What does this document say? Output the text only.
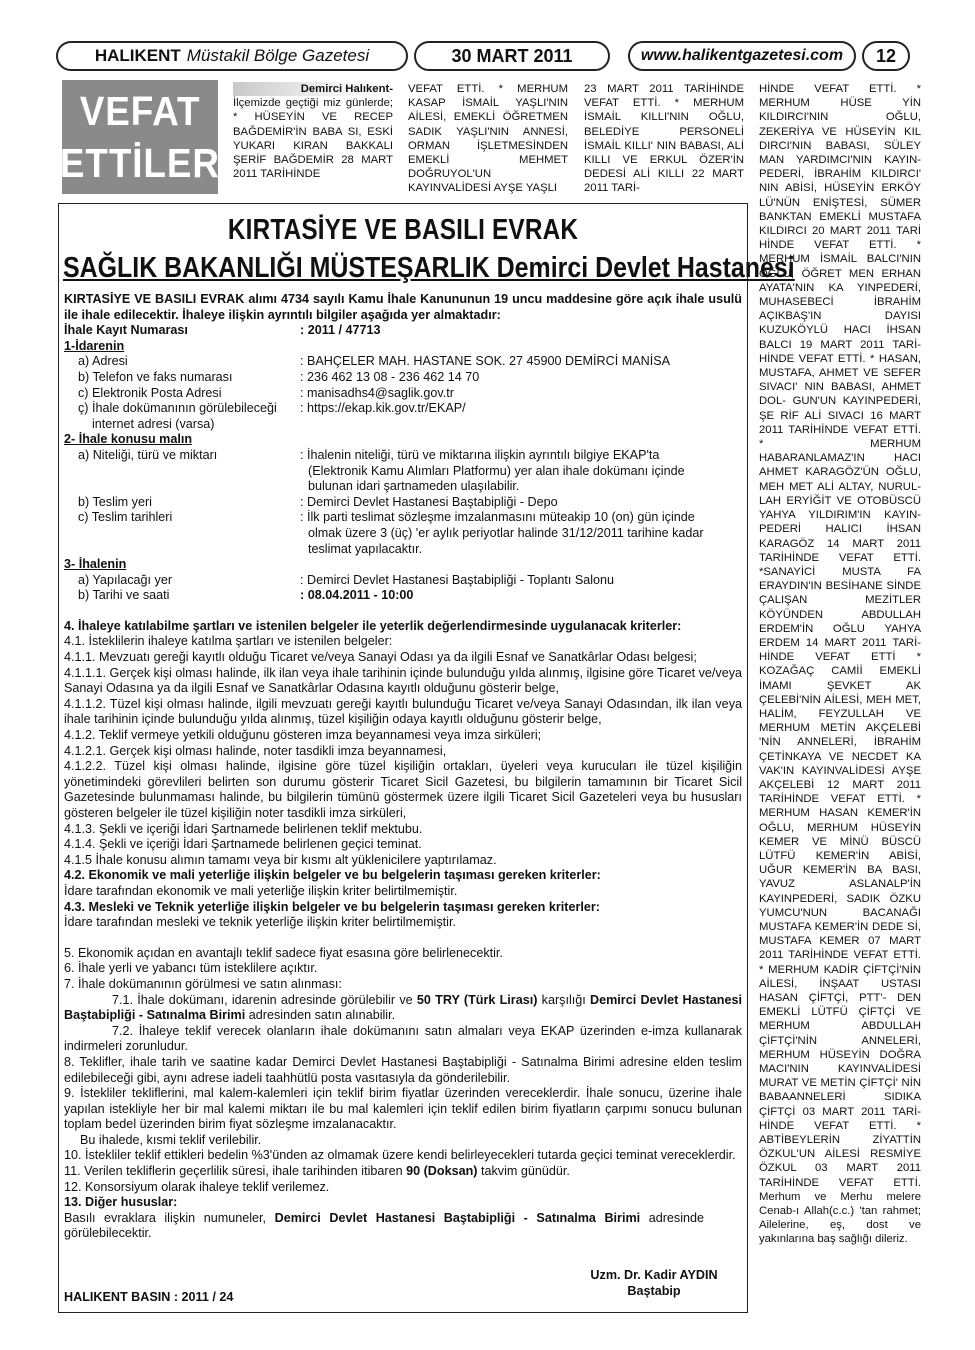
HALIKENT Müstakil Bölge Gazetesi	30 MART 2011	www.halikentgazetesi.com	12
VEFAT
ETTİLER

Demirci Halıkent-

İlçemizde geçtiği miz günlerde; * HÜSEYİN VE RECEP BAĞDEMİR'İN BABA SI, ESKİ YUKARI KIRAN BAKKALI ŞERİF BAĞDEMİR 28 MART 2011 TARİHİNDE

VEFAT ETTİ. * MERHUM KASAP İSMAİL YAŞLI'NIN AİLESİ, EMEKLİ ÖĞRETMEN SADIK YAŞLI'NIN ANNESİ, ORMAN İŞLETMESİNDEN EMEKLİ MEHMET DOĞRUYOL'UN KAYINVALİDESİ AYŞE YAŞLI

23 MART 2011 TARİHİNDE VEFAT ETTİ. * MERHUM İSMAİL KILLI'NIN OĞLU, BELEDİYE PERSONELİ İSMAİL KILLI' NIN BABASI, ALİ KILLI VE ERKUL ÖZER'İN DEDESİ ALİ KILLI 22 MART 2011 TARİ-

HİNDE VEFAT ETTİ. * MERHUM HÜSE YİN KILDIRCI'NIN OĞLU, ZEKERİYA VE HÜSEYİN KIL DIRCI'NIN BABASI, SÜLEY MAN YARDIMCI'NIN KAYIN- PEDERİ, İBRAHİM KILDIRCI' NIN ABİSİ, HÜSEYİN ERKÖY LÜ'NÜN ENİŞTESİ, SÜMER BANKTAN EMEKLİ MUSTAFA KILDIRCI 20 MART 2011 TARİ HİNDE VEFAT ETTİ. * MERHUM İSMAİL BALCI'NIN OĞLU, ÖĞRET MEN ERHAN AYATA'NIN KA YINPEDERİ, MUHASEBECİ İBRAHİM AÇIKBAŞ'IN DAYISI KUZUKÖYLÜ HACI İHSAN BALCI 19 MART 2011 TARİ- HİNDE VEFAT ETTİ. * HASAN, MUSTAFA, AHMET VE SEFER SIVACI' NIN BABASI, AHMET DOL- GUN'UN KAYINPEDERİ, ŞE RİF ALİ SIVACI 16 MART 2011 TARİHİNDE VEFAT ETTİ. * MERHUM HABARANLAMAZ'IN HACI AHMET KARAGÖZ'ÜN OĞLU, MEH MET ALİ ALTAY, NURUL- LAH ERYİĞİT VE OTOBÜSCÜ YAHYA YILDIRIM'IN KAYIN- PEDERİ HALICI İHSAN KARAGÖZ 14 MART 2011 TARİHİNDE VEFAT ETTİ. *SANAYİCİ MUSTA FA ERAYDIN'IN BESİHANE SİNDE ÇALIŞAN MEZİTLER KÖYÜNDEN ABDULLAH ERDEM'İN OĞLU YAHYA ERDEM 14 MART 2011 TARİ- HİNDE VEFAT ETTİ * KOZAĞAÇ CAMİİ EMEKLİ İMAMI ŞEVKET AK ÇELEBİ'NİN AİLESİ, MEH MET, HALİM, FEYZULLAH VE MERHUM METİN AKÇELEBİ 'NİN ANNELERİ, İBRAHİM ÇETİNKAYA VE NECDET KA VAK'IN KAYINVALİDESİ AYŞE AKÇELEBİ 12 MART 2011 TARİHİNDE VEFAT ETTİ. * MERHUM HASAN KEMER'İN OĞLU, MERHUM HÜSEYİN KEMER VE MİNÜ BÜSCÜ LÜTFÜ KEMER'İN ABİSİ, UĞUR KEMER'İN BA BASI, YAVUZ ASLANALP'İN KAYINPEDERİ, SADIK ÖZKU YUMCU'NUN BACANAĞI MUSTAFA KEMER'İN DEDE Sİ, MUSTAFA KEMER 07 MART 2011 TARİHİNDE VEFAT ETTİ. * MERHUM KADİR ÇİFTÇİ'NİN AİLESİ, İNŞAAT USTASI HASAN ÇİFTÇİ, PTT'- DEN EMEKLİ LÜTFÜ ÇİFTÇİ VE MERHUM ABDULLAH ÇİFTÇİ'NİN ANNELERİ, MERHUM HÜSEYİN DOĞRA MACI'NIN KAYINVALİDESİ MURAT VE METİN ÇİFTÇİ' NİN BABAANNELERİ SIDIKA ÇİFTÇİ 03 MART 2011 TARİ- HİNDE VEFAT ETTİ. * ABTİBEYLERİN ZİYATTİN ÖZKUL'UN AİLESİ RESMİYE ÖZKUL 03 MART 2011 TARİHİNDE VEFAT ETTİ. Merhum ve Merhu melere Cenab-ı Allah(c.c.) 'tan rahmet; Ailelerine, eş, dost ve yakınlarına baş sağlığı dileriz.

KIRTASİYE VE BASILI EVRAK
SAĞLIK BAKANLIĞI MÜSTEŞARLIK Demirci Devlet Hastanesi

KIRTASİYE VE BASILI EVRAK alımı 4734 sayılı Kamu İhale Kanununun 19 uncu maddesine göre açık ihale usulü ile ihale edilecektir. İhaleye ilişkin ayrıntılı bilgiler aşağıda yer almaktadır:

İhale Kayıt Numarası	: 2011 / 47713

1-İdarenin

a) Adresi	: BAHÇELER MAH. HASTANE SOK. 27 45900 DEMİRCİ MANİSA
b) Telefon ve faks numarası	: 236 462 13 08 - 236 462 14 70
c) Elektronik Posta Adresi	: manisadhs4@saglik.gov.tr
ç) İhale dokümanının görülebileceği	: https://ekap.kik.gov.tr/EKAP/
internet adresi (varsa)

2- İhale konusu malın

a) Niteliği, türü ve miktarı	: İhalenin niteliği, türü ve miktarına ilişkin ayrıntılı bilgiye EKAP'ta
(Elektronik Kamu Alımları Platformu) yer alan ihale dokümanı içinde
bulunan idari şartnameden ulaşılabilir.
b) Teslim yeri	: Demirci Devlet Hastanesi Baştabipliği - Depo
c) Teslim tarihleri	: İlk parti teslimat sözleşme imzalanmasını müteakip 10 (on) gün içinde
olmak üzere 3 (üç) 'er aylık periyotlar halinde 31/12/2011 tarihine kadar
teslimat yapılacaktır.

3- İhalenin

a) Yapılacağı yer	: Demirci Devlet Hastanesi Baştabipliği - Toplantı Salonu
b) Tarihi ve saati	: 08.04.2011 - 10:00

4. İhaleye katılabilme şartları ve istenilen belgeler ile yeterlik değerlendirmesinde uygulanacak kriterler:

4.1. İsteklilerin ihaleye katılma şartları ve istenilen belgeler:

4.1.1. Mevzuatı gereği kayıtlı olduğu Ticaret ve/veya Sanayi Odası ya da ilgili Esnaf ve Sanatkârlar Odası belgesi;

4.1.1.1. Gerçek kişi olması halinde, ilk ilan veya ihale tarihinin içinde bulunduğu yılda alınmış, ilgisine göre Ticaret ve/veya Sanayi Odasına ya da ilgili Esnaf ve Sanatkârlar Odasına kayıtlı olduğunu gösterir belge,

4.1.1.2. Tüzel kişi olması halinde, ilgili mevzuatı gereği kayıtlı bulunduğu Ticaret ve/veya Sanayi Odasından, ilk ilan veya ihale tarihinin içinde bulunduğu yılda alınmış, tüzel kişiliğin odaya kayıtlı olduğunu gösterir belge,

4.1.2. Teklif vermeye yetkili olduğunu gösteren imza beyannamesi veya imza sirküleri;

4.1.2.1. Gerçek kişi olması halinde, noter tasdikli imza beyannamesi,

4.1.2.2. Tüzel kişi olması halinde, ilgisine göre tüzel kişiliğin ortakları, üyeleri veya kurucuları ile tüzel kişiliğin yönetimindeki görevlileri belirten son durumu gösterir Ticaret Sicil Gazetesi, bu bilgilerin tamamının bir Ticaret Sicil Gazetesinde bulunmaması halinde, bu bilgilerin tümünü göstermek üzere ilgili Ticaret Sicil Gazeteleri veya bu hususları gösteren belgeler ile tüzel kişiliğin noter tasdikli imza sirküleri,

4.1.3. Şekli ve içeriği İdari Şartnamede belirlenen teklif mektubu.

4.1.4. Şekli ve içeriği İdari Şartnamede belirlenen geçici teminat.

4.1.5 İhale konusu alımın tamamı veya bir kısmı alt yüklenicilere yaptırılamaz.

4.2. Ekonomik ve mali yeterliğe ilişkin belgeler ve bu belgelerin taşıması gereken kriterler:

İdare tarafından ekonomik ve mali yeterliğe ilişkin kriter belirtilmemiştir.

4.3. Mesleki ve Teknik yeterliğe ilişkin belgeler ve bu belgelerin taşıması gereken kriterler:

İdare tarafından mesleki ve teknik yeterliğe ilişkin kriter belirtilmemiştir.

5. Ekonomik açıdan en avantajlı teklif sadece fiyat esasına göre belirlenecektir.

6. İhale yerli ve yabancı tüm isteklilere açıktır.

7. İhale dokümanının görülmesi ve satın alınması:

7.1. İhale dokümanı, idarenin adresinde görülebilir ve 50 TRY (Türk Lirası) karşılığı Demirci Devlet Hastanesi Baştabipliği - Satınalma Birimi adresinden satın alınabilir.

7.2. İhaleye teklif verecek olanların ihale dokümanını satın almaları veya EKAP üzerinden e-imza kullanarak indirmeleri zorunludur.

8. Teklifler, ihale tarih ve saatine kadar Demirci Devlet Hastanesi Baştabipliği - Satınalma Birimi adresine elden teslim edilebileceği gibi, aynı adrese iadeli taahhütlü posta vasıtasıyla da gönderilebilir.

9. İstekliler tekliflerini, mal kalem-kalemleri için teklif birim fiyatlar üzerinden vereceklerdir. İhale sonucu, üzerine ihale yapılan istekliyle her bir mal kalemi miktarı ile bu mal kalemleri için teklif edilen birim fiyatların çarpımı sonucu bulunan toplam bedel üzerinden birim fiyat sözleşme imzalanacaktır.

Bu ihalede, kısmi teklif verilebilir.

10. İstekliler teklif ettikleri bedelin %3'ünden az olmamak üzere kendi belirleyecekleri tutarda geçici teminat vereceklerdir.

11. Verilen tekliflerin geçerlilik süresi, ihale tarihinden itibaren 90 (Doksan) takvim günüdür.

12. Konsorsiyum olarak ihaleye teklif verilemez.

13. Diğer hususlar:

Basılı evraklara ilişkin numuneler, Demirci Devlet Hastanesi Baştabipliği - Satınalma Birimi adresinde görülebilecektir.

Uzm. Dr. Kadir AYDIN
Baştabip
HALIKENT BASIN : 2011 / 24
